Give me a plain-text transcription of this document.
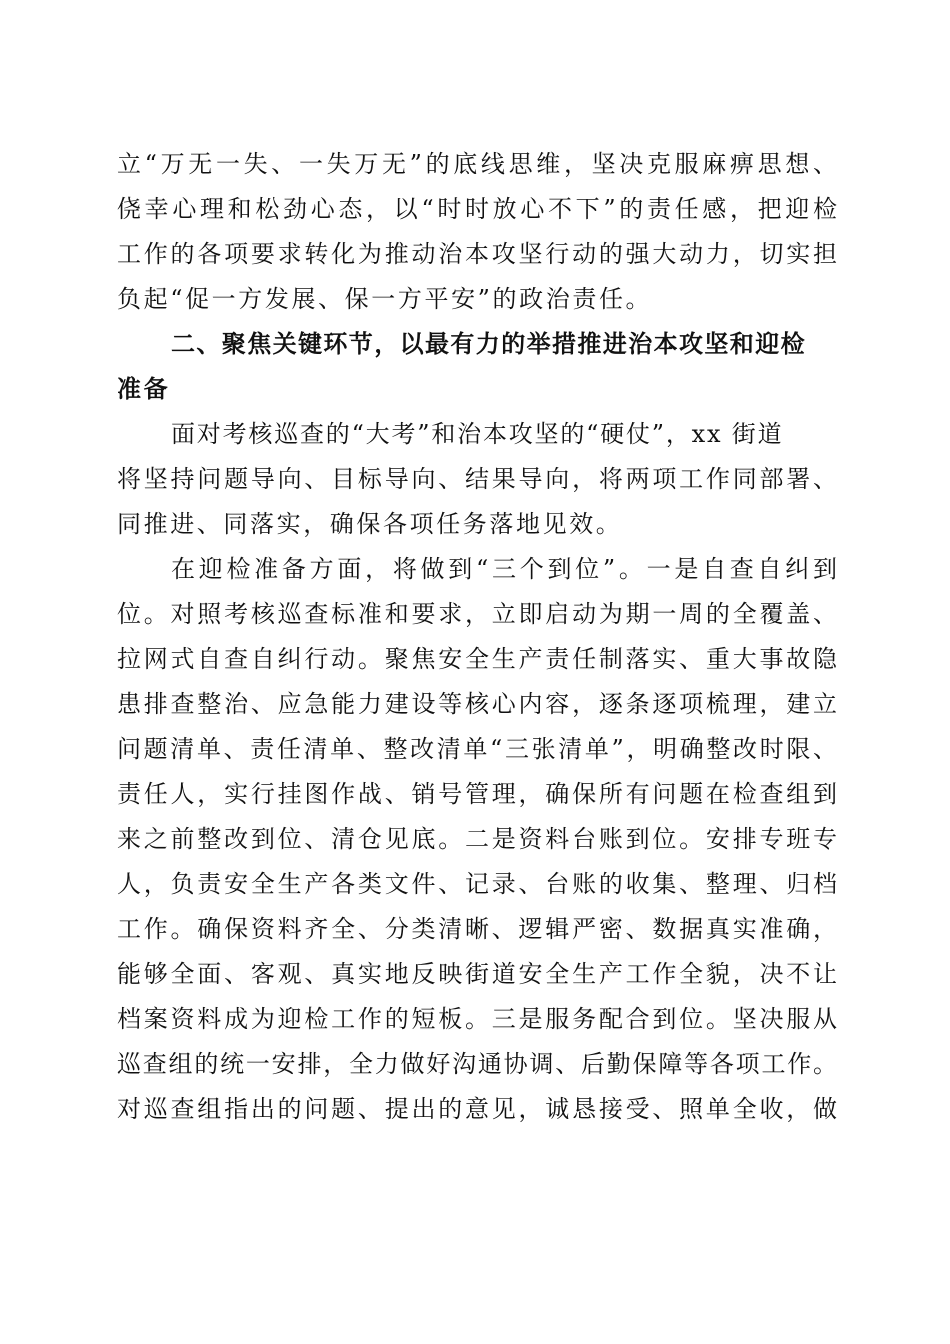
立“万无一失、一失万无”的底线思维，坚决克服麻痹思想、
侥幸心理和松劲心态，以“时时放心不下”的责任感，把迎检
工作的各项要求转化为推动治本攻坚行动的强大动力，切实担
负起“促一方发展、保一方平安”的政治责任。
二、聚焦关键环节，以最有力的举措推进治本攻坚和迎检
准备
面对考核巡查的“大考”和治本攻坚的“硬仗”，xx 街道
将坚持问题导向、目标导向、结果导向，将两项工作同部署、
同推进、同落实，确保各项任务落地见效。
在迎检准备方面，将做到“三个到位”。一是自查自纠到
位。对照考核巡查标准和要求，立即启动为期一周的全覆盖、
拉网式自查自纠行动。聚焦安全生产责任制落实、重大事故隐
患排查整治、应急能力建设等核心内容，逐条逐项梳理，建立
问题清单、责任清单、整改清单“三张清单”，明确整改时限、
责任人，实行挂图作战、销号管理，确保所有问题在检查组到
来之前整改到位、清仓见底。二是资料台账到位。安排专班专
人，负责安全生产各类文件、记录、台账的收集、整理、归档
工作。确保资料齐全、分类清晰、逻辑严密、数据真实准确，
能够全面、客观、真实地反映街道安全生产工作全貌，决不让
档案资料成为迎检工作的短板。三是服务配合到位。坚决服从
巡查组的统一安排，全力做好沟通协调、后勤保障等各项工作。
对巡查组指出的问题、提出的意见，诚恳接受、照单全收，做
